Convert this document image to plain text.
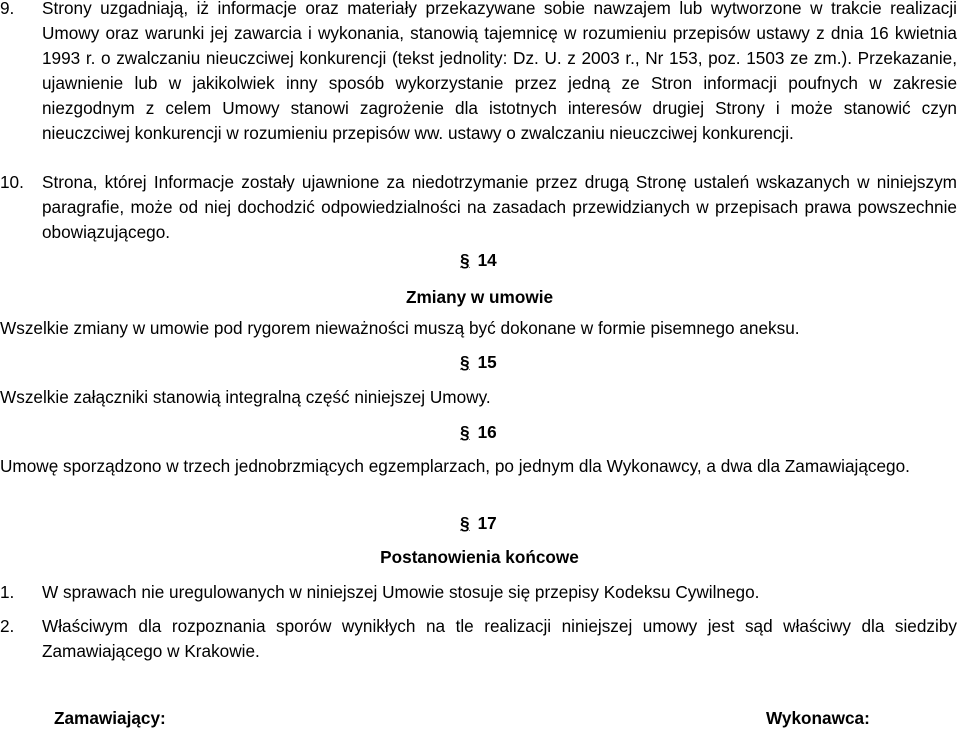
9.	Strony uzgadniają, iż informacje oraz materiały przekazywane sobie nawzajem lub wytworzone w trakcie realizacji Umowy oraz warunki jej zawarcia i wykonania, stanowią tajemnicę w rozumieniu przepisów ustawy z dnia 16 kwietnia 1993 r. o zwalczaniu nieuczciwej konkurencji (tekst jednolity: Dz. U. z 2003 r., Nr 153, poz. 1503 ze zm.). Przekazanie, ujawnienie lub w jakikolwiek inny sposób wykorzystanie przez jedną ze Stron informacji poufnych w zakresie niezgodnym z celem Umowy stanowi zagrożenie dla istotnych interesów drugiej Strony i może stanowić czyn nieuczciwej konkurencji w rozumieniu przepisów ww. ustawy o zwalczaniu nieuczciwej konkurencji.
10.	Strona, której Informacje zostały ujawnione za niedotrzymanie przez drugą Stronę ustaleń wskazanych w niniejszym paragrafie, może od niej dochodzić odpowiedzialności na zasadach przewidzianych w przepisach prawa powszechnie obowiązującego.
§ 14
Zmiany w umowie
Wszelkie zmiany w umowie pod rygorem nieważności muszą być dokonane w formie pisemnego aneksu.
§ 15
Wszelkie załączniki stanowią integralną część niniejszej Umowy.
§ 16
Umowę sporządzono w trzech jednobrzmiących egzemplarzach, po jednym dla Wykonawcy, a dwa dla Zamawiającego.
§ 17
Postanowienia końcowe
1.	W sprawach nie uregulowanych w niniejszej Umowie stosuje się przepisy Kodeksu Cywilnego.
2.	Właściwym dla rozpoznania sporów wynikłych na tle realizacji niniejszej umowy jest sąd właściwy dla siedziby Zamawiającego w Krakowie.
Zamawiający:	Wykonawca:
